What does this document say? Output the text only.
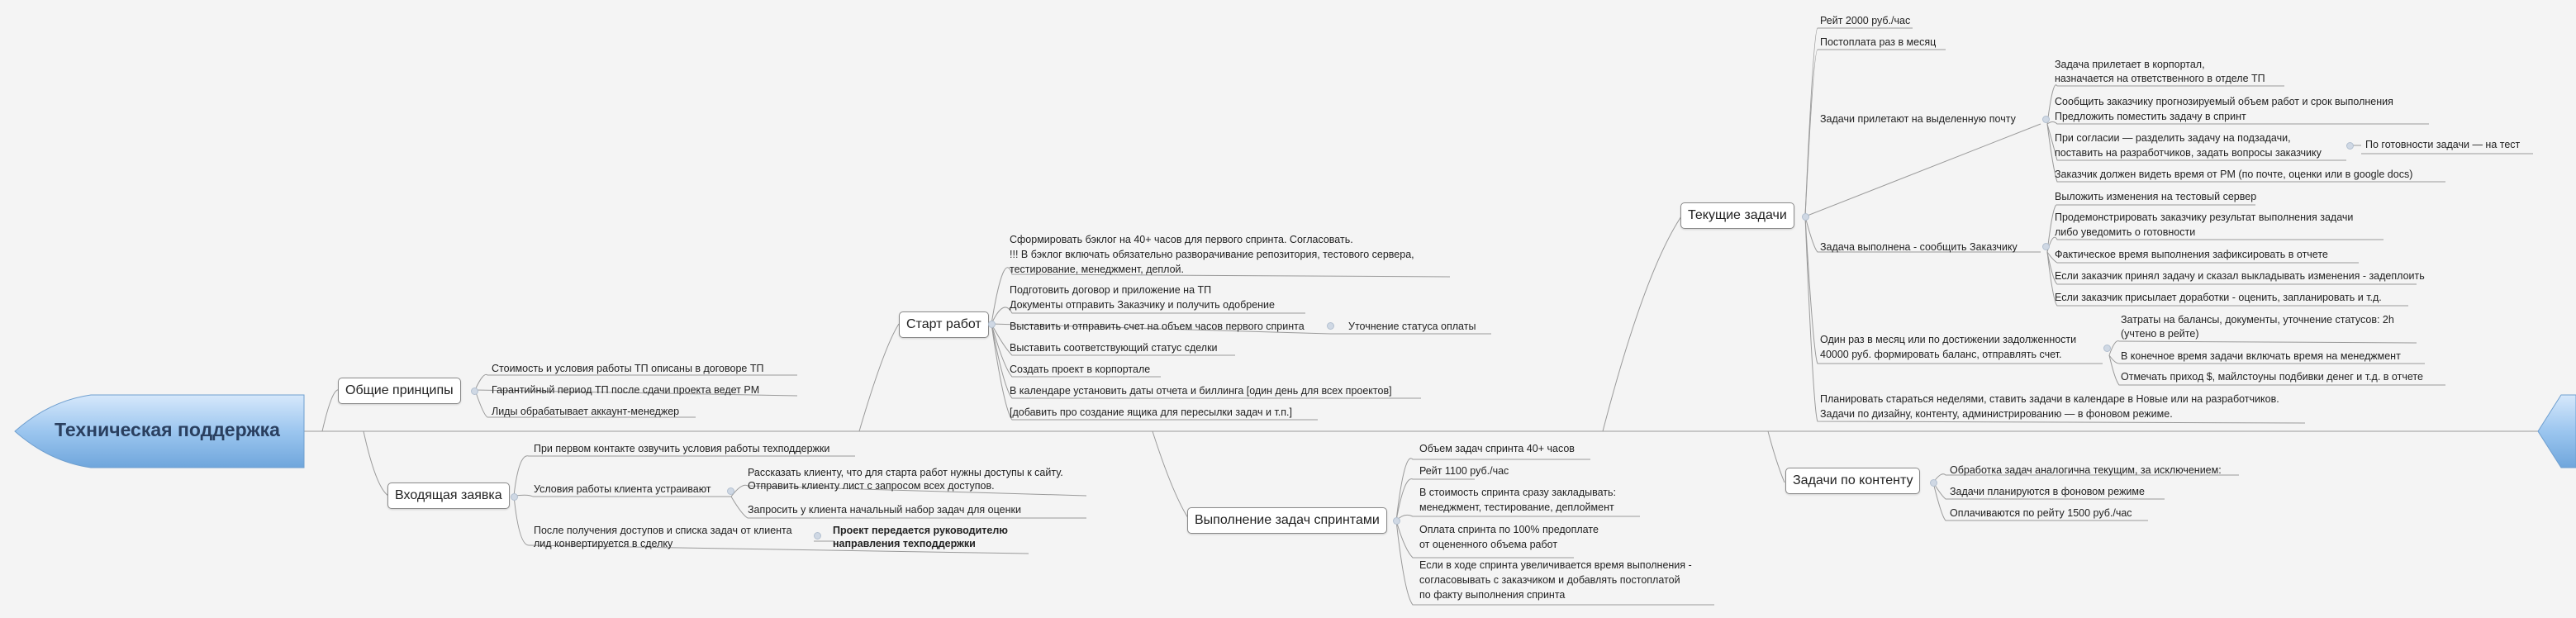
Техническая поддержка
Общие принципы
Стоимость и условия работы ТП описаны в договоре ТП
Гарантийный период ТП после сдачи проекта ведет PM
Лиды обрабатывает аккаунт-менеджер
Входящая заявка
При первом контакте озвучить условия работы техподдержки
Условия работы клиента устраивают
Рассказать клиенту, что для старта работ нужны доступы к сайту.
Отправить клиенту лист с запросом всех доступов.
Запросить у клиента начальный набор задач для оценки
После получения доступов и списка задач от клиента
лид конвертируется в сделку
Проект передается руководителю
направления техподдержки
Старт работ
Сформировать бэклог на 40+ часов для первого спринта. Согласовать.
!!! В бэклог включать обязательно разворачивание репозитория, тестового сервера,
тестирование, менеджмент, деплой.
Подготовить договор и приложение на ТП
Документы отправить Заказчику и получить одобрение
Выставить и отправить счет на объем часов первого спринта	Уточнение статуса оплаты
Выставить соответствующий статус сделки
Создать проект в корпортале
В календаре установить даты отчета и биллинга [один день для всех проектов]
[добавить про создание ящика для пересылки задач и т.п.]
Выполнение задач спринтами
Объем задач спринта 40+ часов
Рейт 1100 руб./час
В стоимость спринта сразу закладывать:
менеджмент, тестирование, деплоймент
Оплата спринта по 100% предоплате
от оцененного объема работ
Если в ходе спринта увеличивается время выполнения -
согласовывать с заказчиком и добавлять постоплатой
по факту выполнения спринта
Текущие задачи
Рейт 2000 руб./час
Постоплата раз в месяц
Задачи прилетают на выделенную почту
Задача прилетает в корпортал,
назначается на ответственного в отделе ТП
Сообщить заказчику прогнозируемый объем работ и срок выполнения
Предложить поместить задачу в спринт
При согласии — разделить задачу на подзадачи,
поставить на разработчиков, задать вопросы заказчику
По готовности задачи — на тест
Заказчик должен видеть время от PM (по почте, оценки или в google docs)
Задача выполнена - сообщить Заказчику
Выложить изменения на тестовый сервер
Продемонстрировать заказчику результат выполнения задачи
либо уведомить о готовности
Фактическое время выполнения зафиксировать в отчете
Если заказчик принял задачу и сказал выкладывать изменения - задеплоить
Если заказчик присылает доработки - оценить, запланировать и т.д.
Один раз в месяц или по достижении задолженности
40000 руб. формировать баланс, отправлять счет.
Затраты на балансы, документы, уточнение статусов: 2h
(учтено в рейте)
В конечное время задачи включать время на менеджмент
Отмечать приход $, майлстоуны подбивки денег и т.д. в отчете
Планировать стараться неделями, ставить задачи в календаре в Новые или на разработчиков.
Задачи по дизайну, контенту, администрированию — в фоновом режиме.
Задачи по контенту
Обработка задач аналогична текущим, за исключением:
Задачи планируются в фоновом режиме
Оплачиваются по рейту 1500 руб./час
